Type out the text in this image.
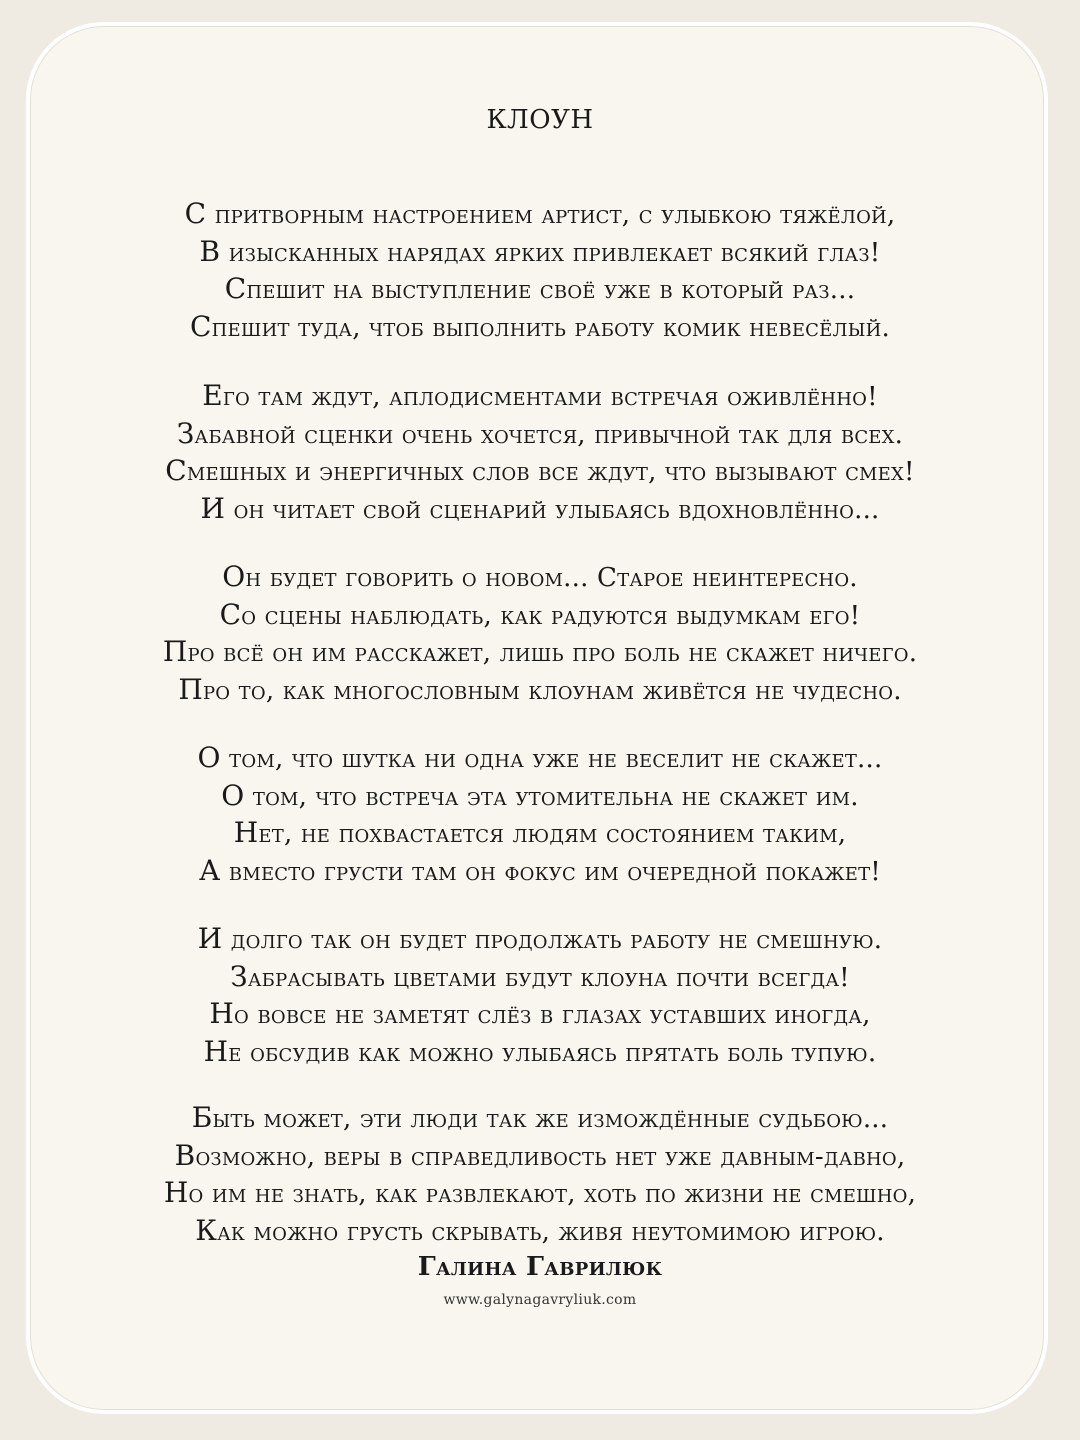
КЛОУН
С притворным настроением артист, с улыбкою тяжёлой,
В изысканных нарядах ярких привлекает всякий глаз!
Спешит на выступление своё уже в который раз...
Спешит туда, чтоб выполнить работу комик невесёлый.
Его там ждут, аплодисментами встречая оживлённо!
Забавной сценки очень хочется, привычной так для всех.
Смешных и энергичных слов все ждут, что вызывают смех!
И он читает свой сценарий улыбаясь вдохновлённо...
Он будет говорить о новом... Старое неинтересно.
Со сцены наблюдать, как радуются выдумкам его!
Про всё он им расскажет, лишь про боль не скажет ничего.
Про то, как многословным клоунам живётся не чудесно.
О том, что шутка ни одна уже не веселит не скажет...
О том, что встреча эта утомительна не скажет им.
Нет, не похвастается людям состоянием таким,
А вместо грусти там он фокус им очередной покажет!
И долго так он будет продолжать работу не смешную.
Забрасывать цветами будут клоуна почти всегда!
Но вовсе не заметят слёз в глазах уставших иногда,
Не обсудив как можно улыбаясь прятать боль тупую.
Быть может, эти люди так же измождённые судьбою...
Возможно, веры в справедливость нет уже давным-давно,
Но им не знать, как развлекают, хоть по жизни не смешно,
Как можно грусть скрывать, живя неутомимою игрою.
Галина Гаврилюк
www.galynagavryliuk.com
